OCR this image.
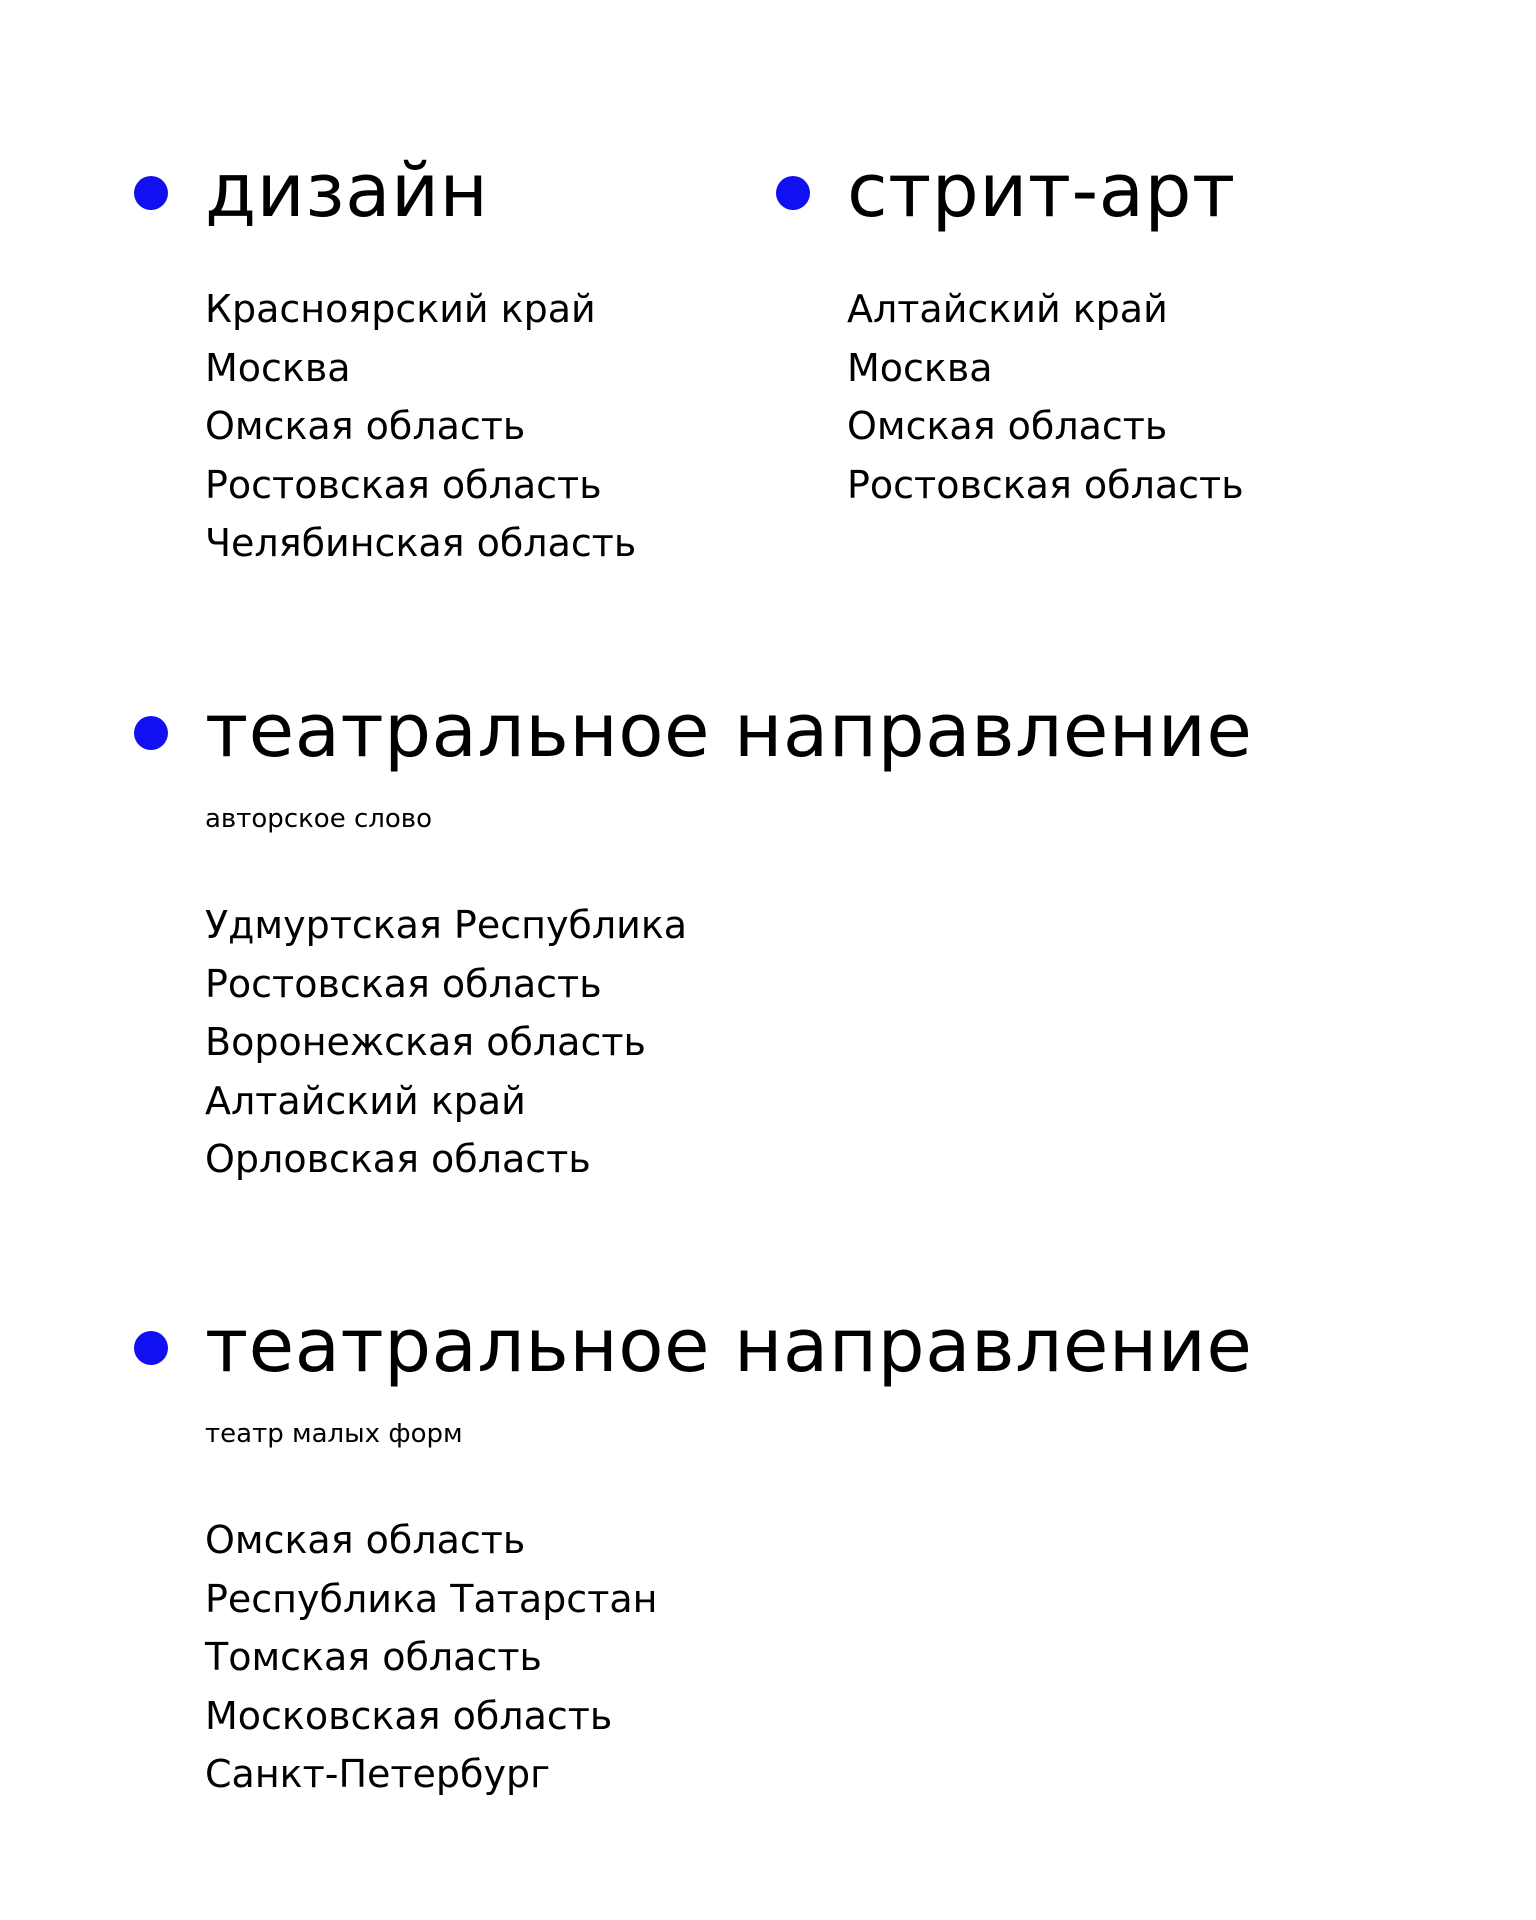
дизайн
Красноярский край
Москва
Омская область
Ростовская область
Челябинская область
стрит-арт
Алтайский край
Москва
Омская область
Ростовская область
театральное направление
авторское слово
Удмуртская Республика
Ростовская область
Воронежская область
Алтайский край
Орловская область
театральное направление
театр малых форм
Омская область
Республика Татарстан
Томская область
Московская область
Санкт-Петербург
